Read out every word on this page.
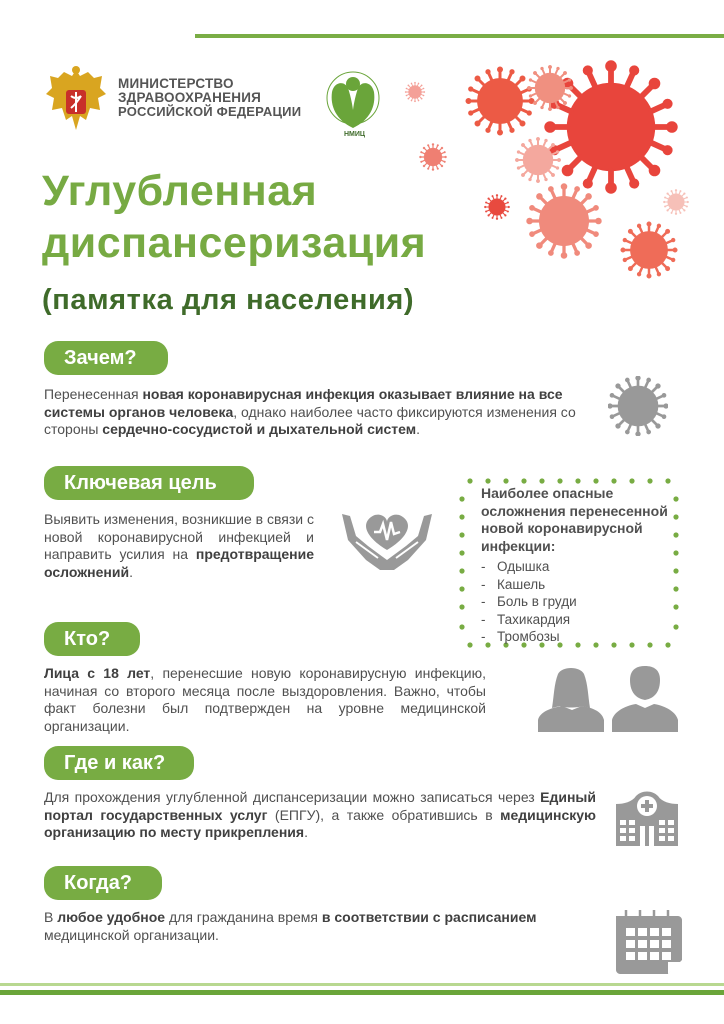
МИНИСТЕРСТВО
ЗДРАВООХРАНЕНИЯ
РОССИЙСКОЙ ФЕДЕРАЦИИ
НМИЦ
Углубленная
диспансеризация
(памятка для населения)
Зачем?
Перенесенная новая коронавирусная инфекция оказывает влияние на все системы органов человека, однако наиболее часто фиксируются изменения со стороны сердечно-сосудистой и дыхательной систем.
Ключевая цель
Выявить изменения, возникшие в связи с новой коронавирусной инфекцией и направить усилия на предотвращение осложнений.
Наиболее опасные осложнения перенесенной новой коронавирусной инфекции:
- Одышка
- Кашель
- Боль в груди
- Тахикардия
- Тромбозы
Кто?
Лица с 18 лет, перенесшие новую коронавирусную инфекцию, начиная со второго месяца после выздоровления. Важно, чтобы факт болезни был подтвержден на уровне медицинской организации.
Где и как?
Для прохождения углубленной диспансеризации можно записаться через Единый портал государственных услуг (ЕПГУ), а также обратившись в медицинскую организацию по месту прикрепления.
Когда?
В любое удобное для гражданина время в соответствии с расписанием медицинской организации.
